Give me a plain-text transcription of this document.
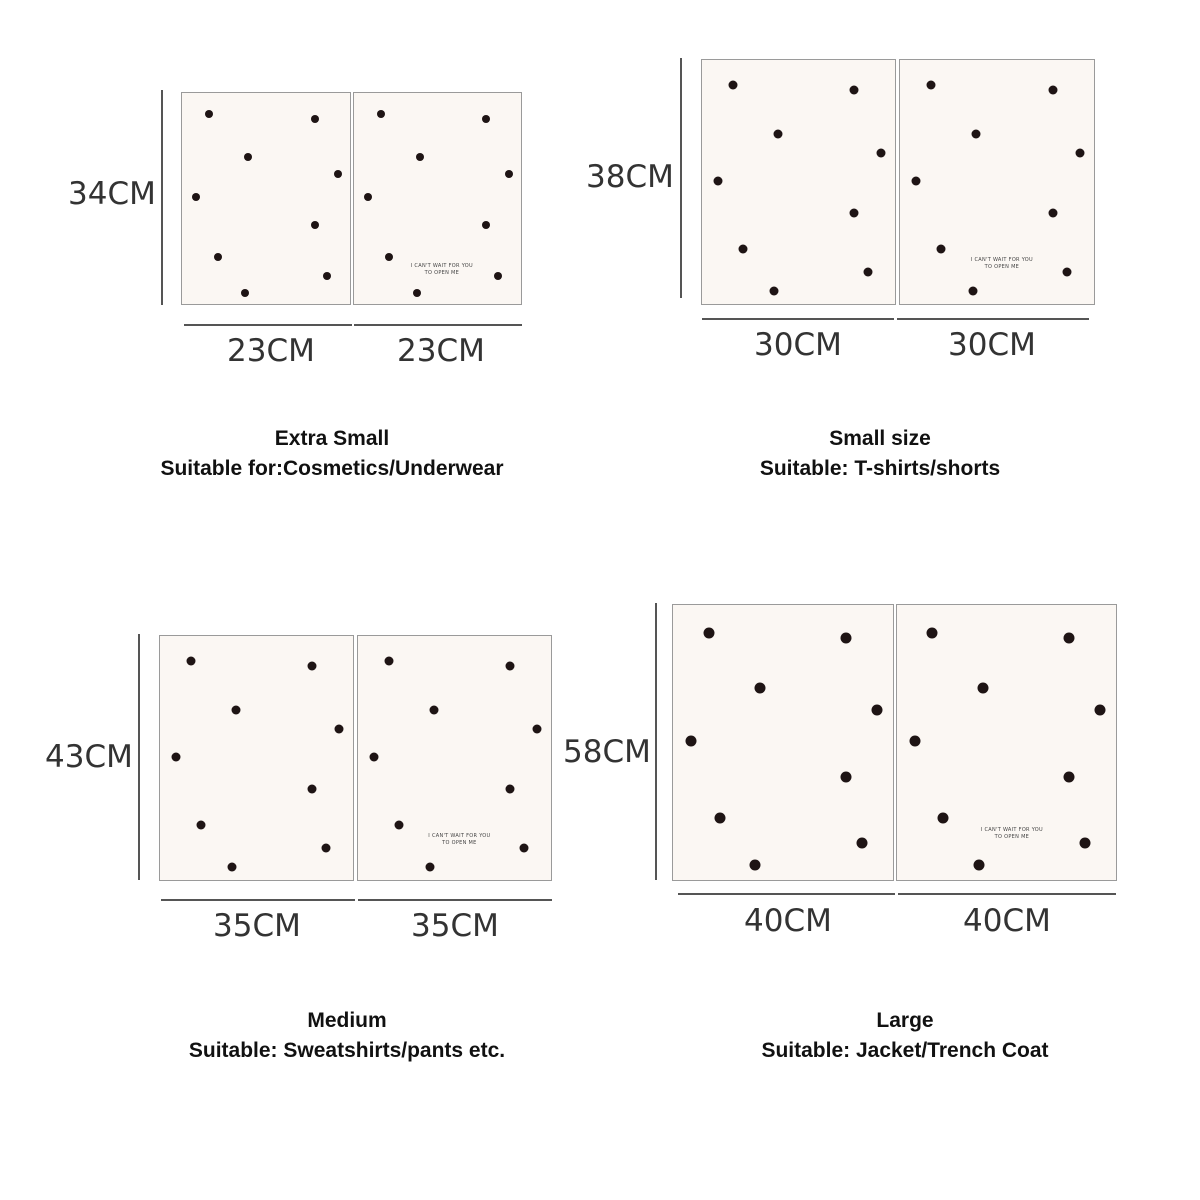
34CM
I CAN'T WAIT FOR YOU
TO OPEN ME
23CM	23CM
Extra Small
Suitable for:Cosmetics/Underwear
38CM
I CAN'T WAIT FOR YOU
TO OPEN ME
30CM	30CM
Small size
Suitable: T-shirts/shorts
43CM
I CAN'T WAIT FOR YOU
TO OPEN ME
35CM	35CM
Medium
Suitable: Sweatshirts/pants etc.
58CM
I CAN'T WAIT FOR YOU
TO OPEN ME
40CM	40CM
Large
Suitable: Jacket/Trench Coat
